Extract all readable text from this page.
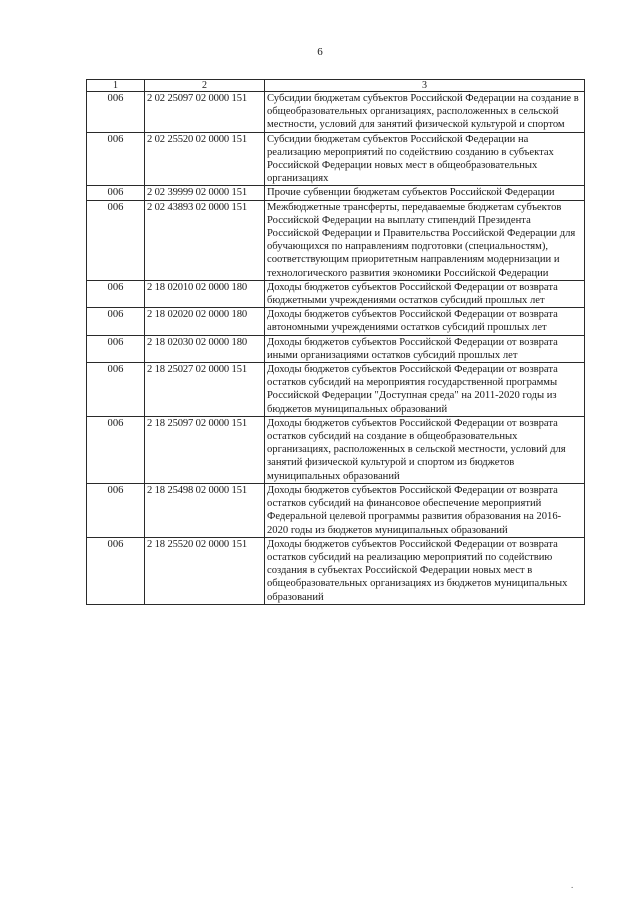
6
1	2	3
006	2 02 25097 02 0000 151	Субсидии бюджетам субъектов Российской Федерации на создание в общеобразовательных организациях, расположенных в сельской местности, условий для занятий физической культурой и спортом
006	2 02 25520 02 0000 151	Субсидии бюджетам субъектов Российской Федерации на реализацию мероприятий по содействию созданию в субъектах Российской Федерации новых мест в общеобразовательных организациях
006	2 02 39999 02 0000 151	Прочие субвенции бюджетам субъектов Российской Федерации
006	2 02 43893 02 0000 151	Межбюджетные трансферты, передаваемые бюджетам субъектов Российской Федерации на выплату стипендий Президента Российской Федерации и Правительства Российской Федерации для обучающихся по направлениям подготовки (специальностям), соответствующим приоритетным направлениям модернизации и технологического развития экономики Российской Федерации
006	2 18 02010 02 0000 180	Доходы бюджетов субъектов Российской Федерации от возврата бюджетными учреждениями остатков субсидий прошлых лет
006	2 18 02020 02 0000 180	Доходы бюджетов субъектов Российской Федерации от возврата автономными учреждениями остатков субсидий прошлых лет
006	2 18 02030 02 0000 180	Доходы бюджетов субъектов Российской Федерации от возврата иными организациями остатков субсидий прошлых лет
006	2 18 25027 02 0000 151	Доходы бюджетов субъектов Российской Федерации от возврата остатков субсидий на мероприятия государственной программы Российской Федерации "Доступная среда" на 2011-2020 годы из бюджетов муниципальных образований
006	2 18 25097 02 0000 151	Доходы бюджетов субъектов Российской Федерации от возврата остатков субсидий на создание в общеобразовательных организациях, расположенных в сельской местности, условий для занятий физической культурой и спортом из бюджетов муниципальных образований
006	2 18 25498 02 0000 151	Доходы бюджетов субъектов Российской Федерации от возврата остатков субсидий на финансовое обеспечение мероприятий Федеральной целевой программы развития образования на 2016-2020 годы из бюджетов муниципальных образований
006	2 18 25520 02 0000 151	Доходы бюджетов субъектов Российской Федерации от возврата остатков субсидий на реализацию мероприятий по содействию создания в субъектах Российской Федерации новых мест в общеобразовательных организациях из бюджетов муниципальных образований
.
